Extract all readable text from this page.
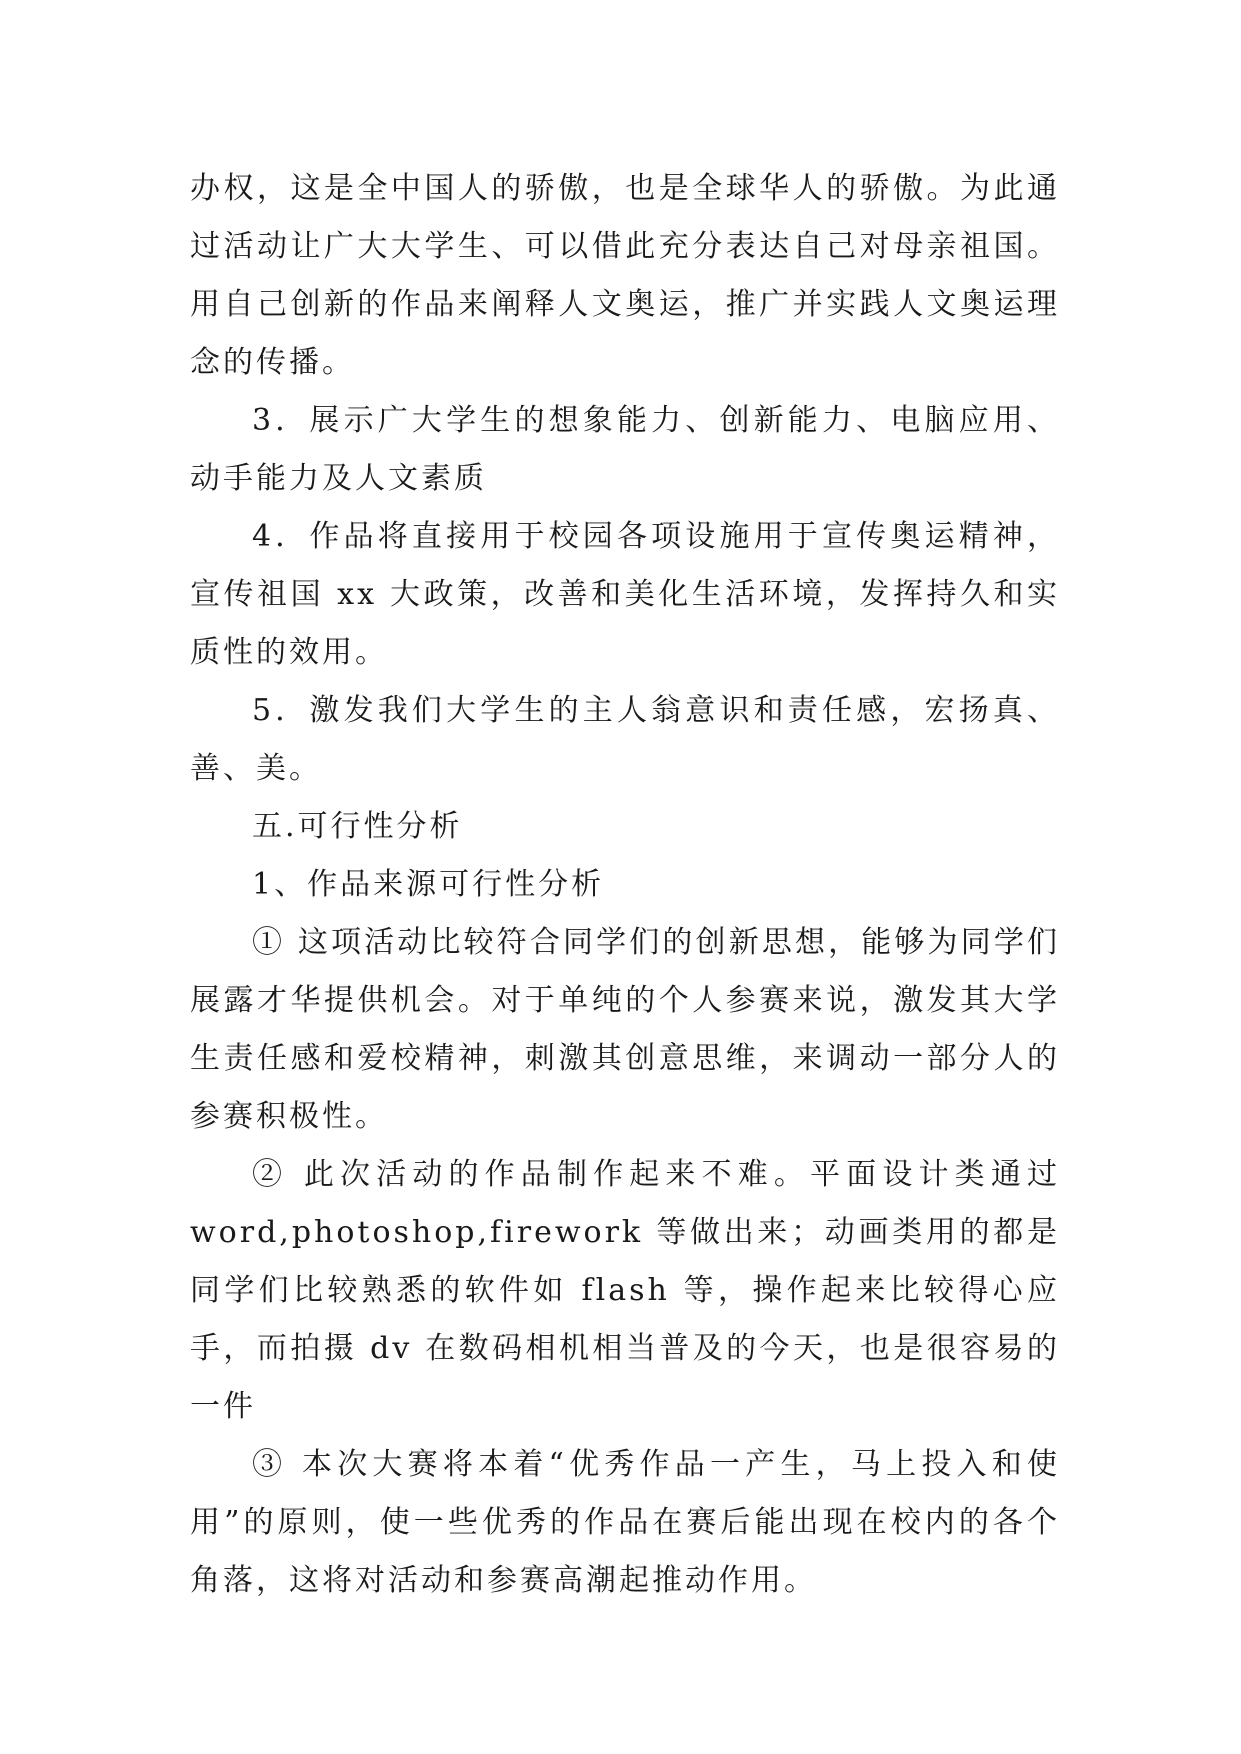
办权，这是全中国人的骄傲，也是全球华人的骄傲。为此通过活动让广大大学生、可以借此充分表达自己对母亲祖国。用自己创新的作品来阐释人文奥运，推广并实践人文奥运理念的传播。

3．展示广大学生的想象能力、创新能力、电脑应用、动手能力及人文素质

4．作品将直接用于校园各项设施用于宣传奥运精神，宣传祖国 xx 大政策，改善和美化生活环境，发挥持久和实质性的效用。

5．激发我们大学生的主人翁意识和责任感，宏扬真、善、美。

五.可行性分析

1、作品来源可行性分析

① 这项活动比较符合同学们的创新思想，能够为同学们展露才华提供机会。对于单纯的个人参赛来说，激发其大学生责任感和爱校精神，刺激其创意思维，来调动一部分人的参赛积极性。

② 此次活动的作品制作起来不难。平面设计类通过word,photoshop,firework 等做出来；动画类用的都是同学们比较熟悉的软件如 flash 等，操作起来比较得心应手，而拍摄 dv 在数码相机相当普及的今天，也是很容易的一件

③ 本次大赛将本着“优秀作品一产生，马上投入和使用”的原则，使一些优秀的作品在赛后能出现在校内的各个角落，这将对活动和参赛高潮起推动作用。
